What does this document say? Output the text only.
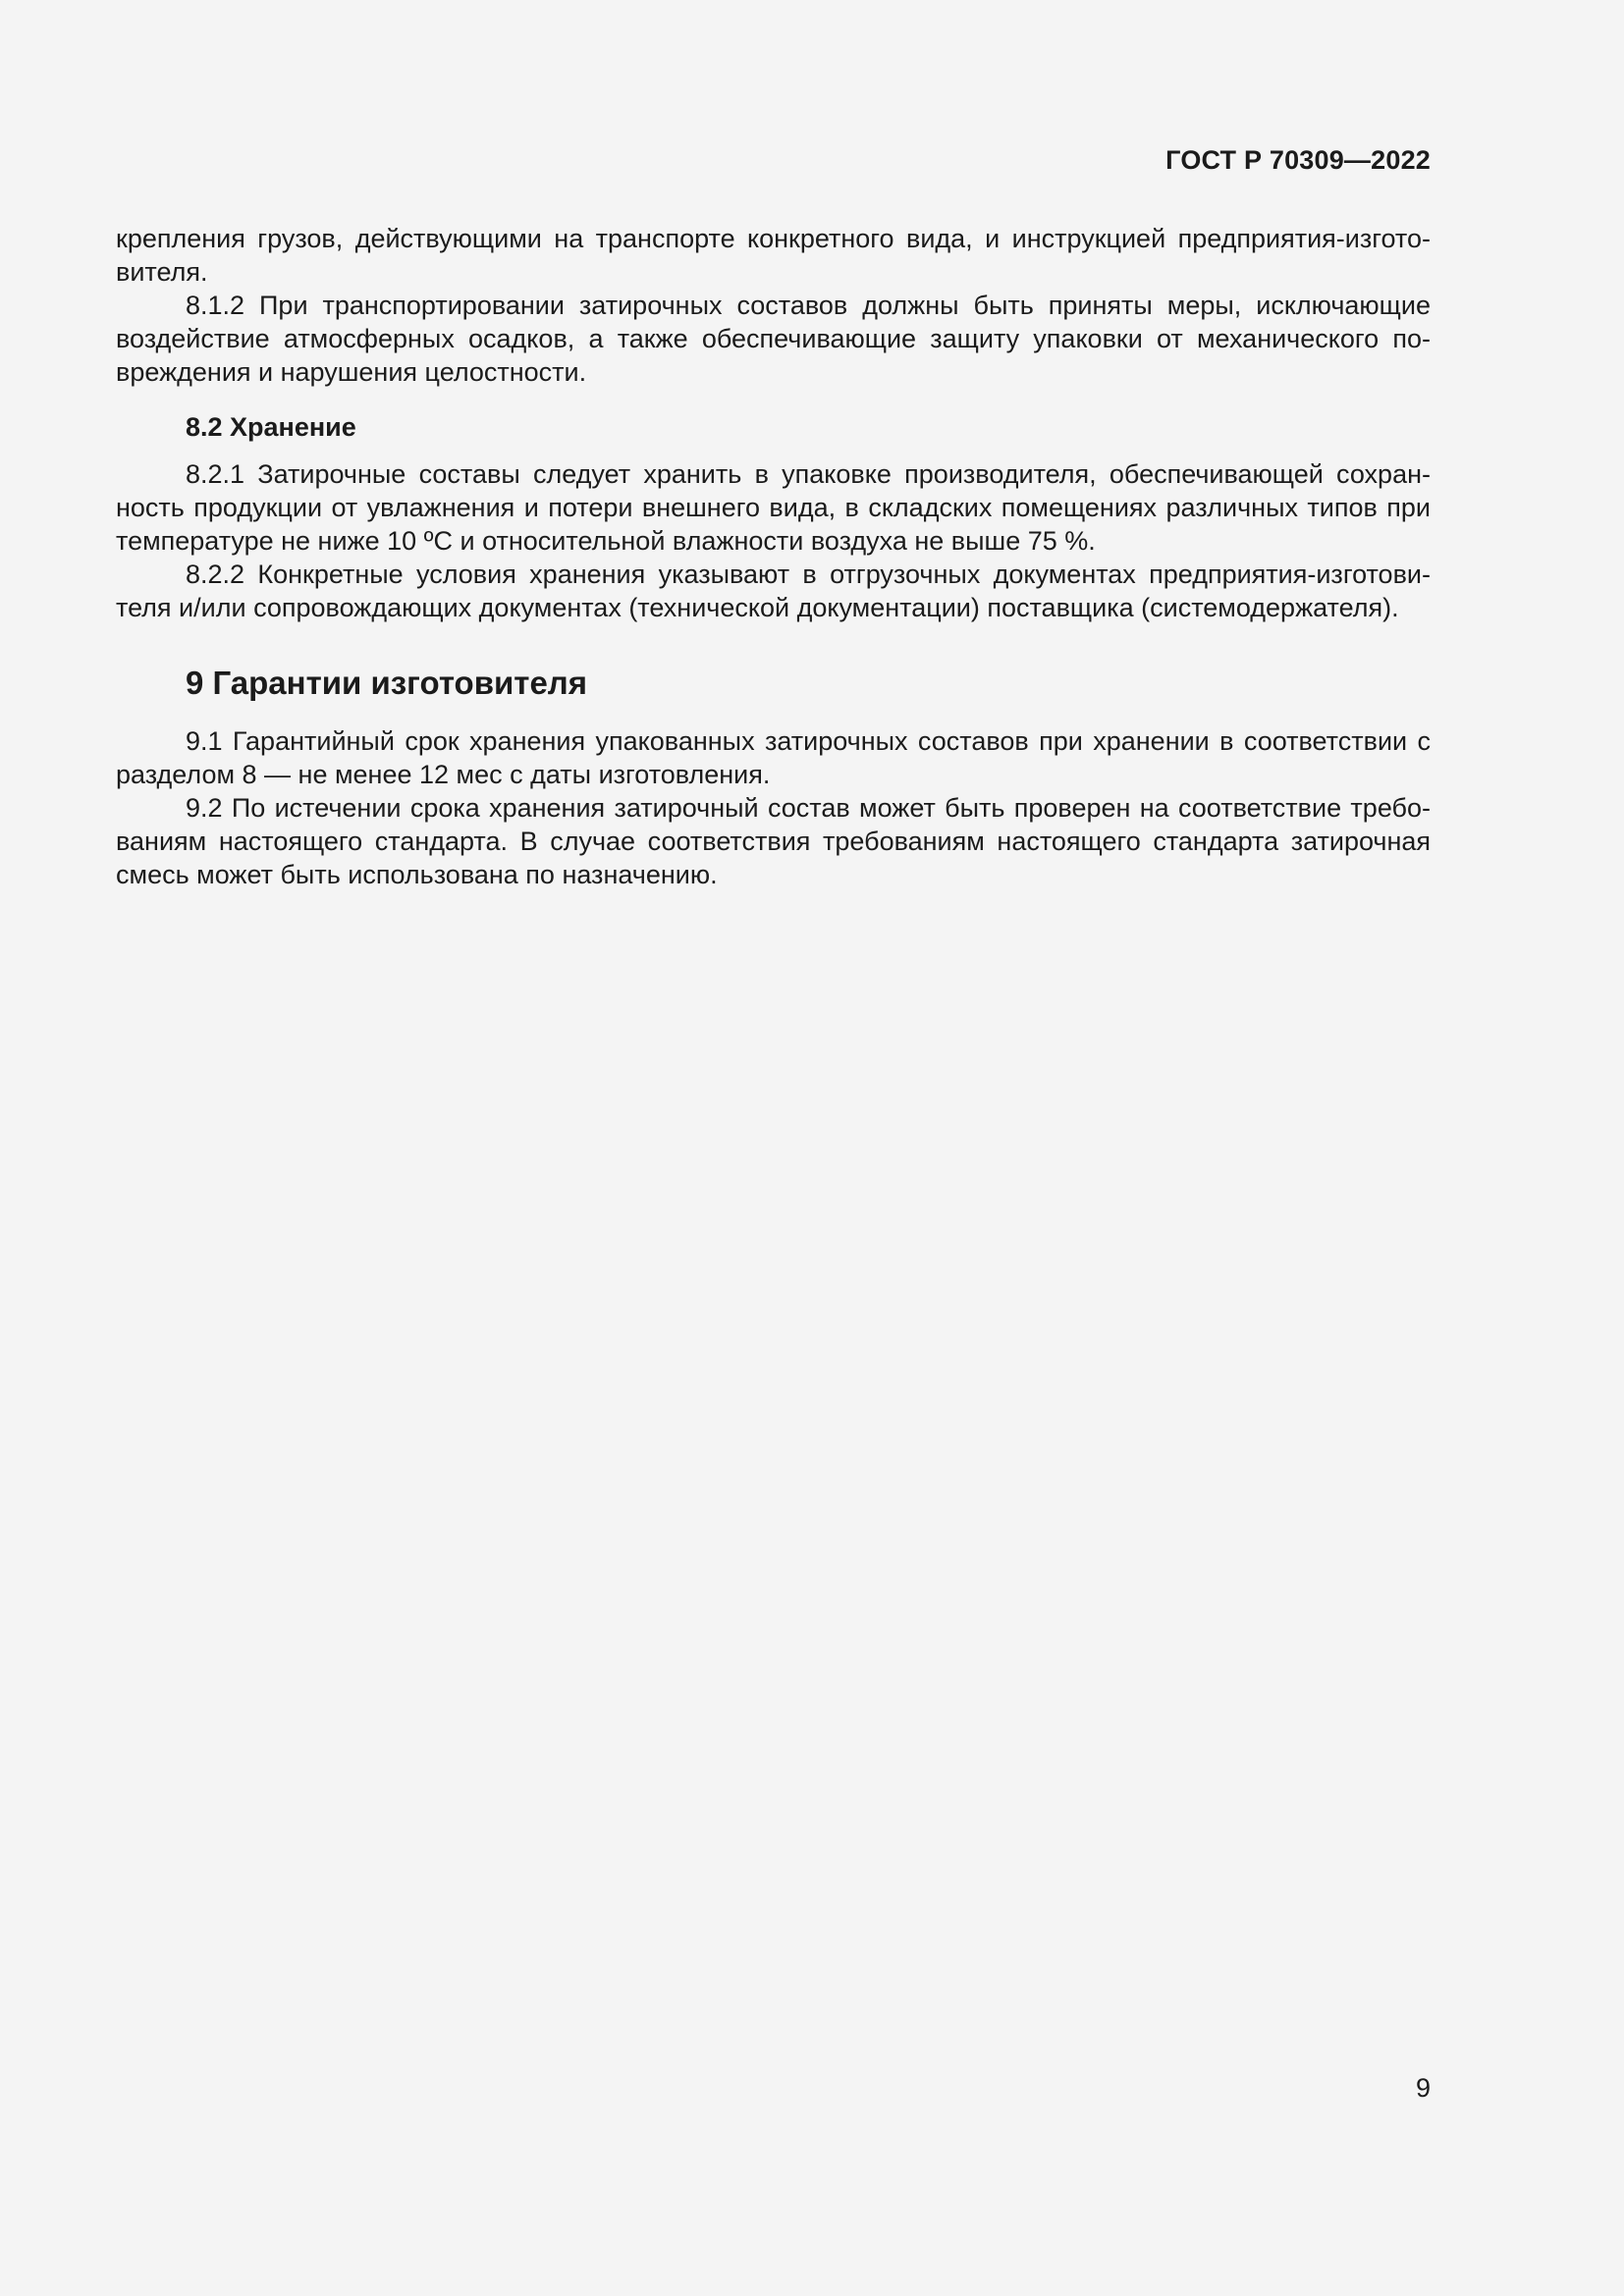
ГОСТ Р 70309—2022

крепления грузов, действующими на транспорте конкретного вида, и инструкцией предприятия-изгото-вителя.

8.1.2 При транспортировании затирочных составов должны быть приняты меры, исключающие воздействие атмосферных осадков, а также обеспечивающие защиту упаковки от механического по-вреждения и нарушения целостности.

8.2 Хранение

8.2.1 Затирочные составы следует хранить в упаковке производителя, обеспечивающей сохран-ность продукции от увлажнения и потери внешнего вида, в складских помещениях различных типов при температуре не ниже 10 ºС и относительной влажности воздуха не выше 75 %.

8.2.2 Конкретные условия хранения указывают в отгрузочных документах предприятия-изготови-теля и/или сопровождающих документах (технической документации) поставщика (системодержателя).

9 Гарантии изготовителя

9.1 Гарантийный срок хранения упакованных затирочных составов при хранении в соответствии с разделом 8 — не менее 12 мес с даты изготовления.

9.2 По истечении срока хранения затирочный состав может быть проверен на соответствие требо-ваниям настоящего стандарта. В случае соответствия требованиям настоящего стандарта затирочная смесь может быть использована по назначению.

9
